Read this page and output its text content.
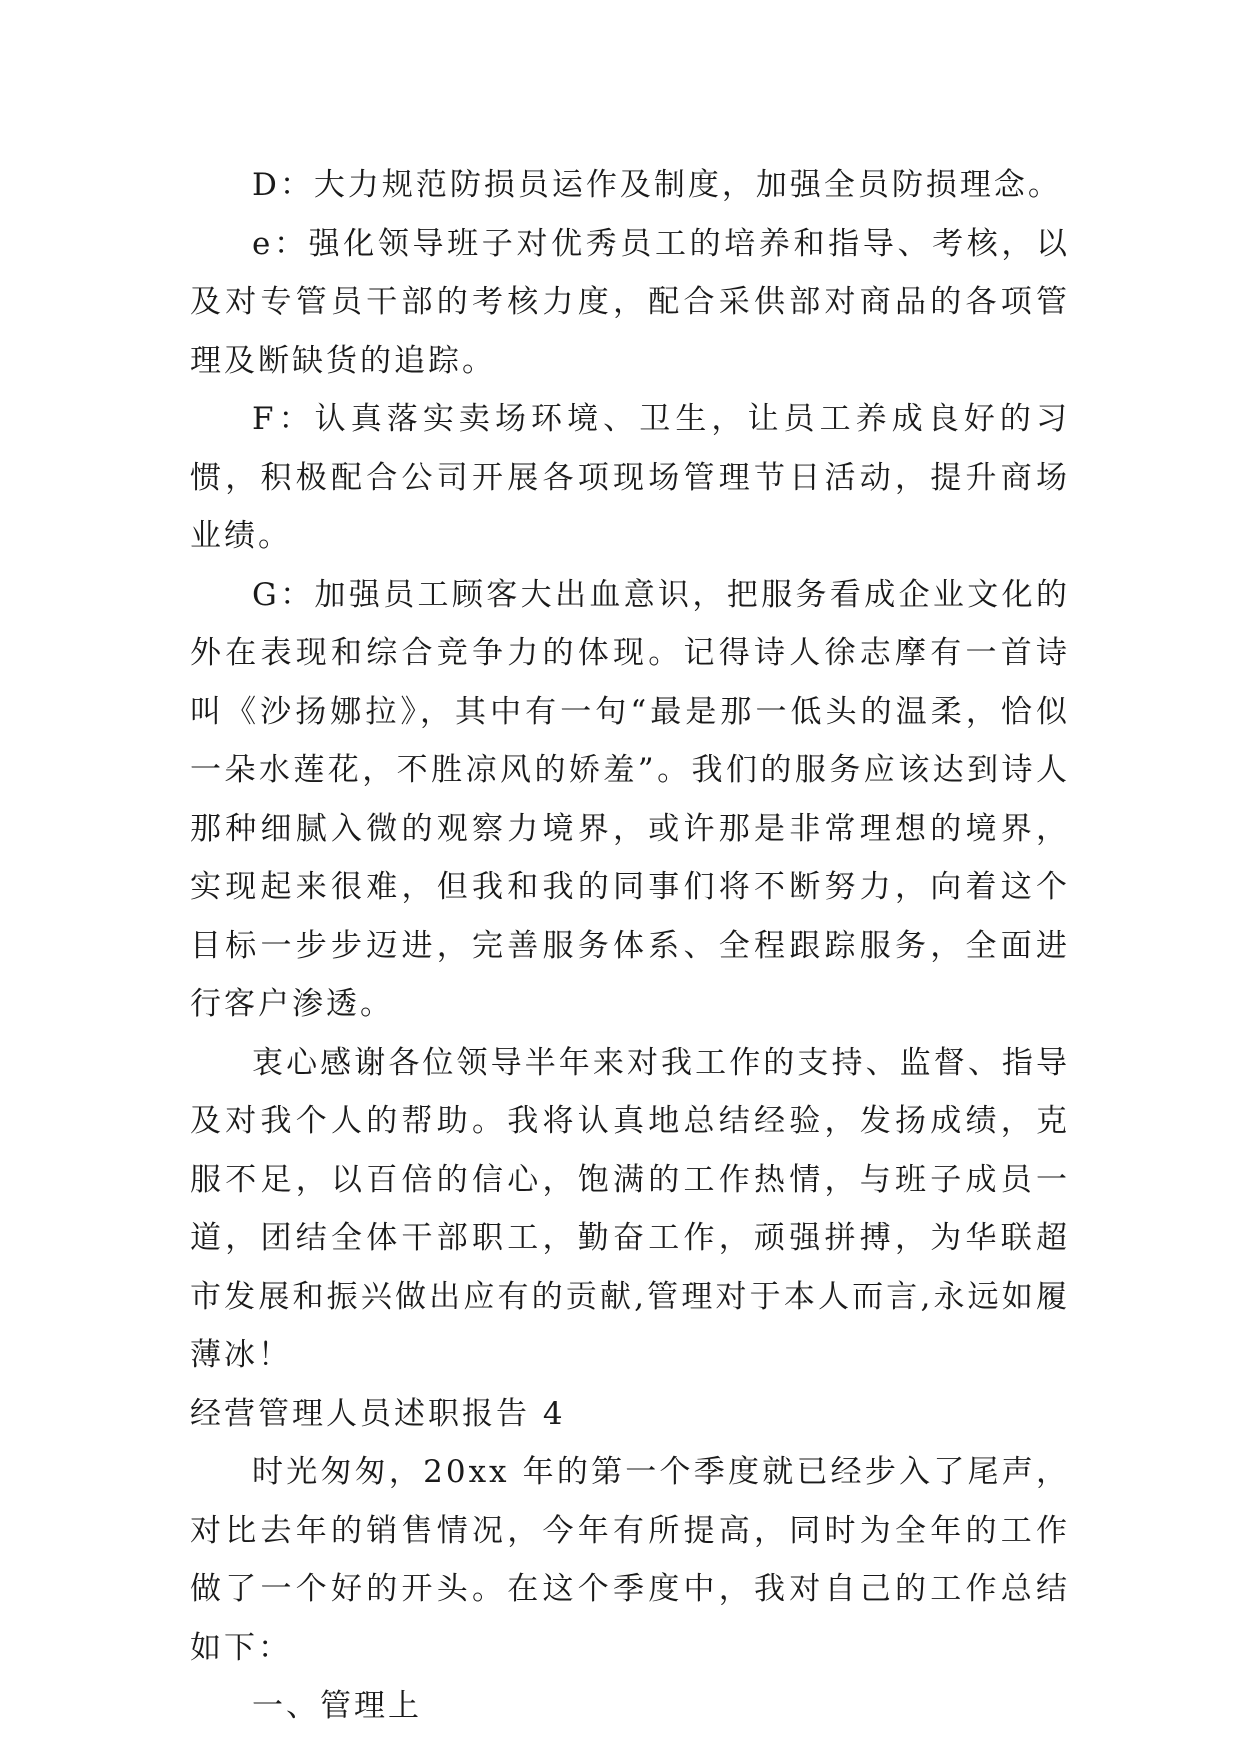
D：大力规范防损员运作及制度，加强全员防损理念。

e：强化领导班子对优秀员工的培养和指导、考核，以及对专管员干部的考核力度，配合采供部对商品的各项管理及断缺货的追踪。

F：认真落实卖场环境、卫生，让员工养成良好的习惯，积极配合公司开展各项现场管理节日活动，提升商场业绩。

G：加强员工顾客大出血意识，把服务看成企业文化的外在表现和综合竞争力的体现。记得诗人徐志摩有一首诗叫《沙扬娜拉》，其中有一句“最是那一低头的温柔，恰似一朵水莲花，不胜凉风的娇羞”。我们的服务应该达到诗人那种细腻入微的观察力境界，或许那是非常理想的境界，实现起来很难，但我和我的同事们将不断努力，向着这个目标一步步迈进，完善服务体系、全程跟踪服务，全面进行客户渗透。

衷心感谢各位领导半年来对我工作的支持、监督、指导及对我个人的帮助。我将认真地总结经验，发扬成绩，克服不足，以百倍的信心，饱满的工作热情，与班子成员一道，团结全体干部职工，勤奋工作，顽强拼搏，为华联超市发展和振兴做出应有的贡献,管理对于本人而言,永远如履薄冰！

经营管理人员述职报告 4

时光匆匆，20xx 年的第一个季度就已经步入了尾声，对比去年的销售情况，今年有所提高，同时为全年的工作做了一个好的开头。在这个季度中，我对自己的工作总结如下：

一、管理上
